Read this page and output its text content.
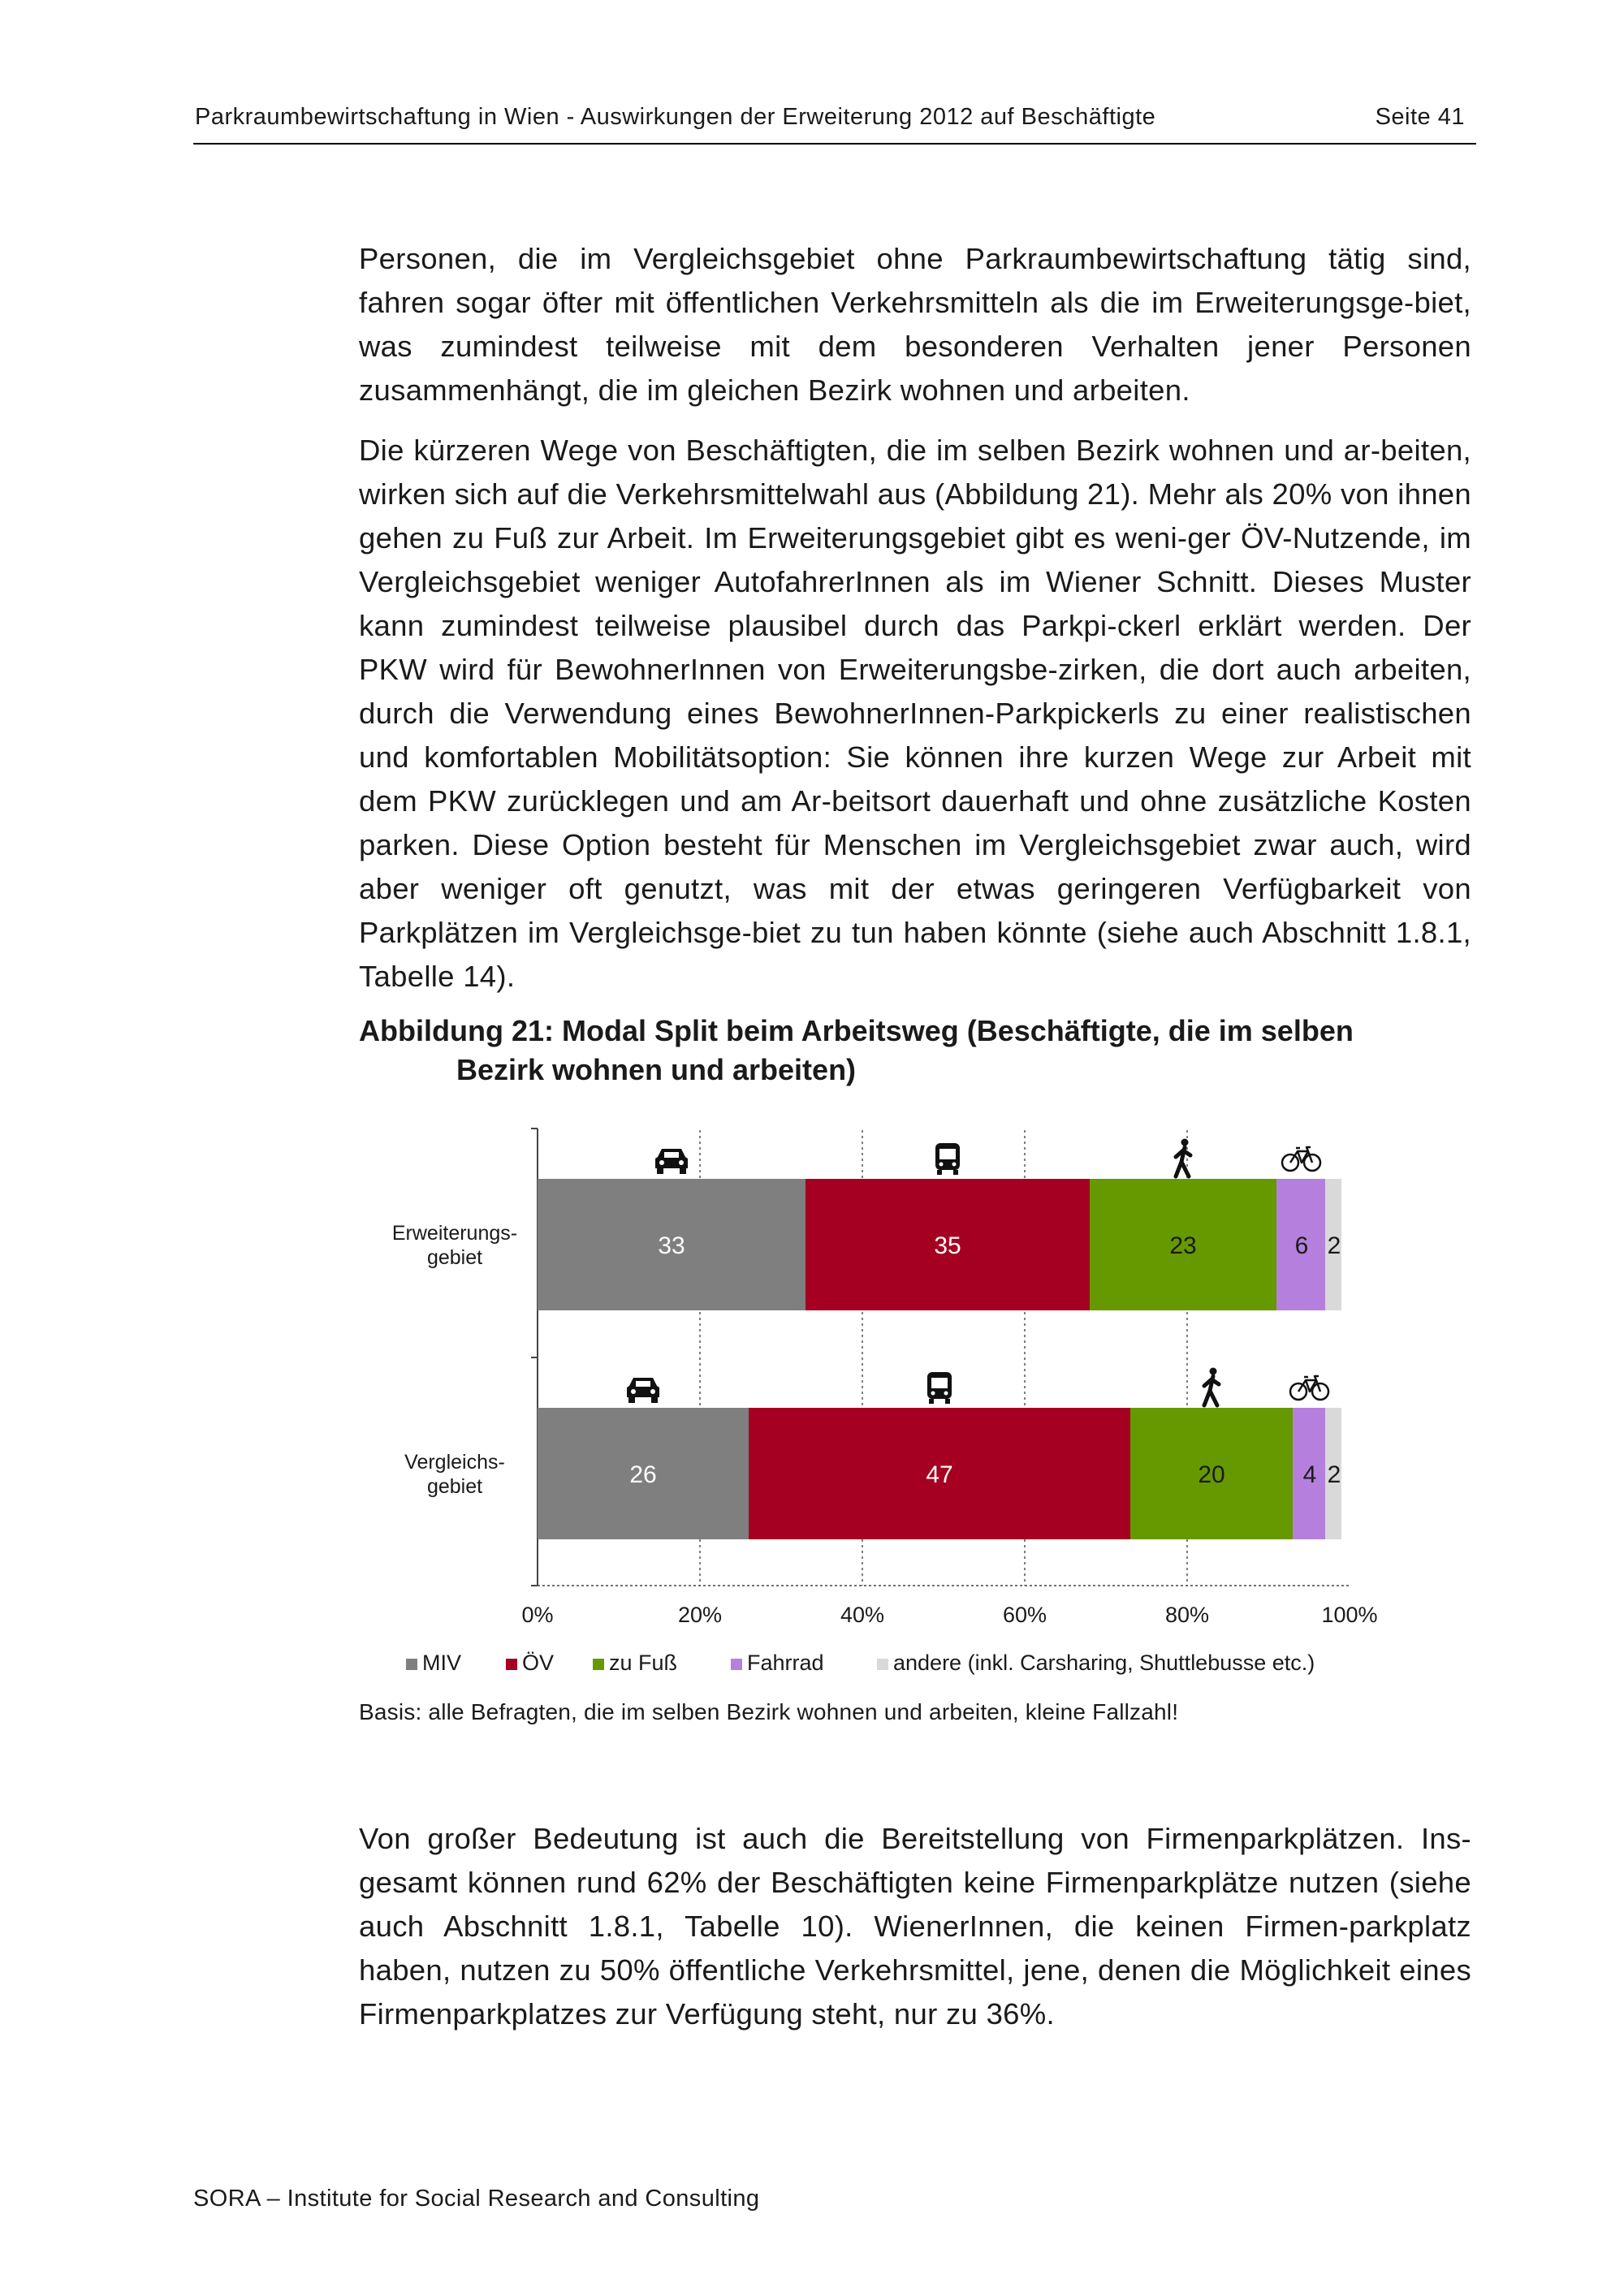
Parkraumbewirtschaftung in Wien - Auswirkungen der Erweiterung 2012 auf Beschäftigte	Seite 41

Personen, die im Vergleichsgebiet ohne Parkraumbewirtschaftung tätig sind, fahren sogar öfter mit öffentlichen Verkehrsmitteln als die im Erweiterungsge-biet, was zumindest teilweise mit dem besonderen Verhalten jener Personen zusammenhängt, die im gleichen Bezirk wohnen und arbeiten.

Die kürzeren Wege von Beschäftigten, die im selben Bezirk wohnen und ar-beiten, wirken sich auf die Verkehrsmittelwahl aus (Abbildung 21). Mehr als 20% von ihnen gehen zu Fuß zur Arbeit. Im Erweiterungsgebiet gibt es weni-ger ÖV-Nutzende, im Vergleichsgebiet weniger AutofahrerInnen als im Wiener Schnitt. Dieses Muster kann zumindest teilweise plausibel durch das Parkpi-ckerl erklärt werden. Der PKW wird für BewohnerInnen von Erweiterungsbe-zirken, die dort auch arbeiten, durch die Verwendung eines BewohnerInnen-Parkpickerls zu einer realistischen und komfortablen Mobilitätsoption: Sie können ihre kurzen Wege zur Arbeit mit dem PKW zurücklegen und am Ar-beitsort dauerhaft und ohne zusätzliche Kosten parken. Diese Option besteht für Menschen im Vergleichsgebiet zwar auch, wird aber weniger oft genutzt, was mit der etwas geringeren Verfügbarkeit von Parkplätzen im Vergleichsge-biet zu tun haben könnte (siehe auch Abschnitt 1.8.1, Tabelle 14).

Abbildung 21: Modal Split beim Arbeitsweg (Beschäftigte, die im selben
Bezirk wohnen und arbeiten)
0%	20%	40%	60%	80%	100%
Erweiterungs-
gebiet
Vergleichs-
gebiet
33	35	23	6 2
26	47	20	4 2
MIV	ÖV	zu Fuß	Fahrrad	andere (inkl. Carsharing, Shuttlebusse etc.)
Basis: alle Befragten, die im selben Bezirk wohnen und arbeiten, kleine Fallzahl!

Von großer Bedeutung ist auch die Bereitstellung von Firmenparkplätzen. Ins-gesamt können rund 62% der Beschäftigten keine Firmenparkplätze nutzen (siehe auch Abschnitt 1.8.1, Tabelle 10). WienerInnen, die keinen Firmen-parkplatz haben, nutzen zu 50% öffentliche Verkehrsmittel, jene, denen die Möglichkeit eines Firmenparkplatzes zur Verfügung steht, nur zu 36%.

SORA – Institute for Social Research and Consulting
